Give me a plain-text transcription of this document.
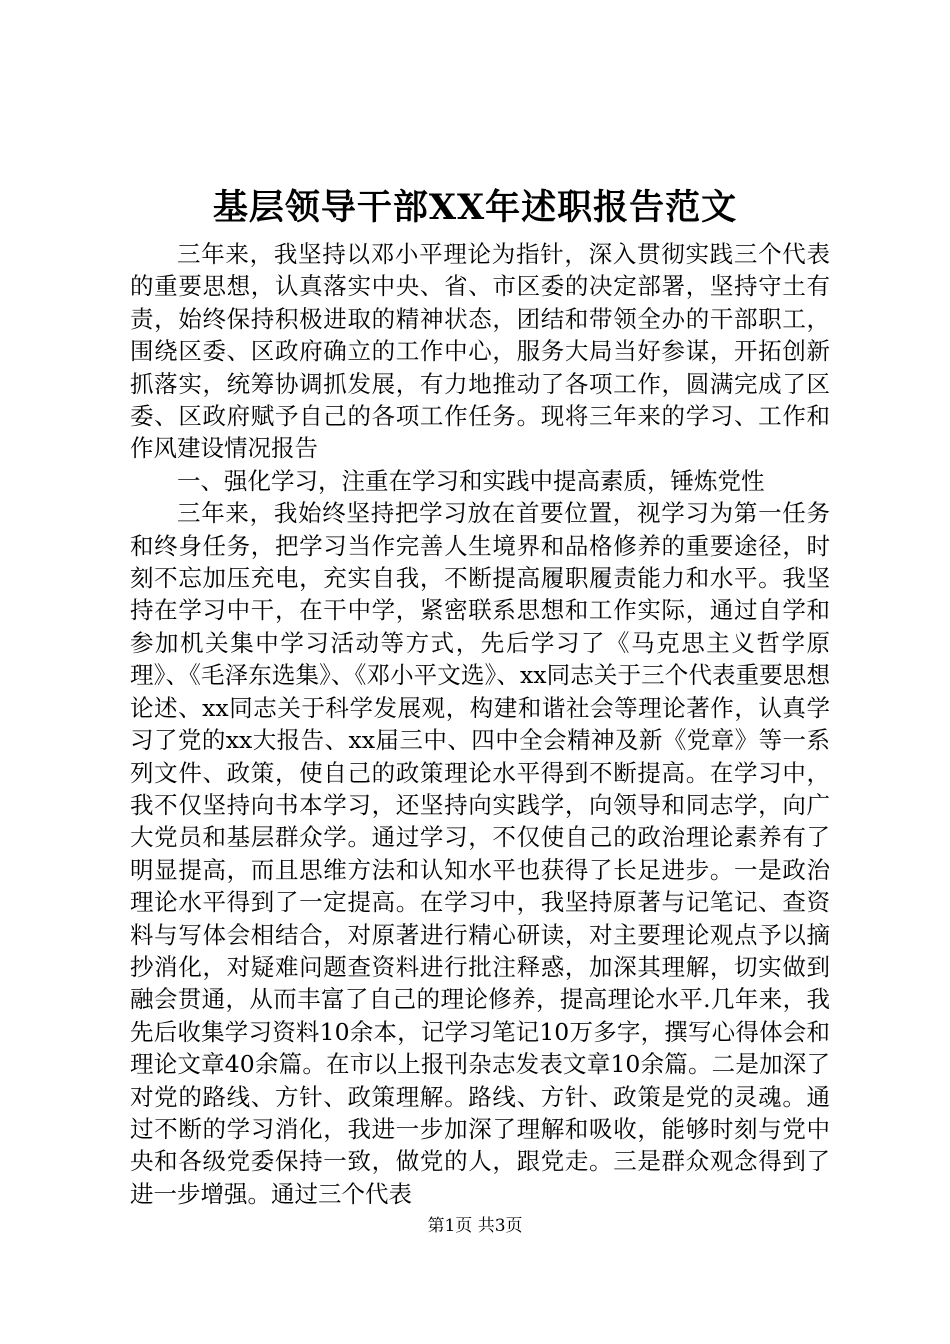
基层领导干部XX年述职报告范文

三年来，我坚持以邓小平理论为指针，深入贯彻实践三个代表的重要思想，认真落实中央、省、市区委的决定部署，坚持守土有责，始终保持积极进取的精神状态，团结和带领全办的干部职工，围绕区委、区政府确立的工作中心，服务大局当好参谋，开拓创新抓落实，统筹协调抓发展，有力地推动了各项工作，圆满完成了区委、区政府赋予自己的各项工作任务。现将三年来的学习、工作和作风建设情况报告

一、强化学习，注重在学习和实践中提高素质，锤炼党性

三年来，我始终坚持把学习放在首要位置，视学习为第一任务和终身任务，把学习当作完善人生境界和品格修养的重要途径，时刻不忘加压充电，充实自我，不断提高履职履责能力和水平。我坚持在学习中干，在干中学，紧密联系思想和工作实际，通过自学和参加机关集中学习活动等方式，先后学习了《马克思主义哲学原理》、《毛泽东选集》、《邓小平文选》、xx同志关于三个代表重要思想论述、xx同志关于科学发展观，构建和谐社会等理论著作，认真学习了党的xx大报告、xx届三中、四中全会精神及新《党章》等一系列文件、政策，使自己的政策理论水平得到不断提高。在学习中，我不仅坚持向书本学习，还坚持向实践学，向领导和同志学，向广大党员和基层群众学。通过学习，不仅使自己的政治理论素养有了明显提高，而且思维方法和认知水平也获得了长足进步。一是政治理论水平得到了一定提高。在学习中，我坚持原著与记笔记、查资料与写体会相结合，对原著进行精心研读，对主要理论观点予以摘抄消化，对疑难问题查资料进行批注释惑，加深其理解，切实做到融会贯通，从而丰富了自己的理论修养，提高理论水平.几年来，我先后收集学习资料10余本，记学习笔记10万多字，撰写心得体会和理论文章40余篇。在市以上报刊杂志发表文章10余篇。二是加深了对党的路线、方针、政策理解。路线、方针、政策是党的灵魂。通过不断的学习消化，我进一步加深了理解和吸收，能够时刻与党中央和各级党委保持一致，做党的人，跟党走。三是群众观念得到了进一步增强。通过三个代表

第1页 共3页
